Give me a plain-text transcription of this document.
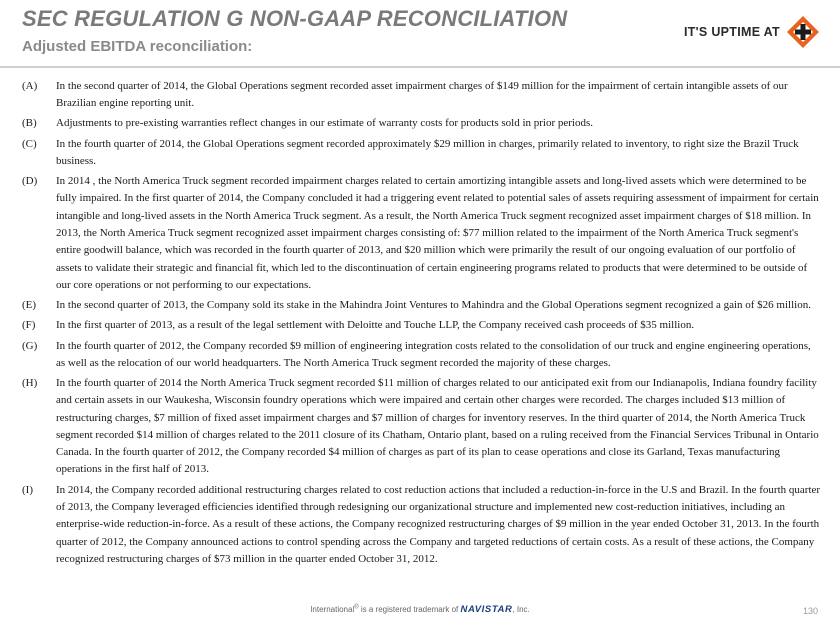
SEC REGULATION G NON-GAAP RECONCILIATION
Adjusted EBITDA reconciliation:
IT'S UPTIME AT
(A)	In the second quarter of 2014, the Global Operations segment recorded asset impairment charges of $149 million for the impairment of certain intangible assets of our Brazilian engine reporting unit.
(B)	Adjustments to pre-existing warranties reflect changes in our estimate of warranty costs for products sold in prior periods.
(C)	In the fourth quarter of 2014, the Global Operations segment recorded approximately $29 million in charges, primarily related to inventory, to right size the Brazil Truck business.
(D)	In 2014 , the North America Truck segment recorded impairment charges related to certain amortizing intangible assets and long-lived assets which were determined to be fully impaired. In the first quarter of 2014, the Company concluded it had a triggering event related to potential sales of assets requiring assessment of impairment for certain intangible and long-lived assets in the North America Truck segment. As a result, the North America Truck segment recognized asset impairment charges of $18 million. In 2013, the North America Truck segment recognized asset impairment charges consisting of: $77 million related to the impairment of the North America Truck segment's entire goodwill balance, which was recorded in the fourth quarter of 2013, and $20 million which were primarily the result of our ongoing evaluation of our portfolio of assets to validate their strategic and financial fit, which led to the discontinuation of certain engineering programs related to products that were determined to be outside of our core operations or not performing to our expectations.
(E)	In the second quarter of 2013, the Company sold its stake in the Mahindra Joint Ventures to Mahindra and the Global Operations segment recognized a gain of $26 million.
(F)	In the first quarter of 2013, as a result of the legal settlement with Deloitte and Touche LLP, the Company received cash proceeds of $35 million.
(G)	In the fourth quarter of 2012, the Company recorded $9 million of engineering integration costs related to the consolidation of our truck and engine engineering operations, as well as the relocation of our world headquarters. The North America Truck segment recorded the majority of these charges.
(H)	In the fourth quarter of 2014 the North America Truck segment recorded $11 million of charges related to our anticipated exit from our Indianapolis, Indiana foundry facility and certain assets in our Waukesha, Wisconsin foundry operations which were impaired and certain other charges were recorded. The charges included $13 million of restructuring charges, $7 million of fixed asset impairment charges and $7 million of charges for inventory reserves. In the third quarter of 2014, the North America Truck segment recorded $14 million of charges related to the 2011 closure of its Chatham, Ontario plant, based on a ruling received from the Financial Services Tribunal in Ontario Canada. In the fourth quarter of 2012, the Company recorded $4 million of charges as part of its plan to cease operations and close its Garland, Texas manufacturing operations in the first half of 2013.
(I)	In 2014, the Company recorded additional restructuring charges related to cost reduction actions that included a reduction-in-force in the U.S and Brazil. In the fourth quarter of 2013, the Company leveraged efficiencies identified through redesigning our organizational structure and implemented new cost-reduction initiatives, including an enterprise-wide reduction-in-force. As a result of these actions, the Company recognized restructuring charges of $9 million in the year ended October 31, 2013. In the fourth quarter of 2012, the Company announced actions to control spending across the Company and targeted reductions of certain costs. As a result of these actions, the Company recognized restructuring charges of $73 million in the quarter ended October 31, 2012.
International® is a registered trademark of NAVISTAR, Inc.	130
